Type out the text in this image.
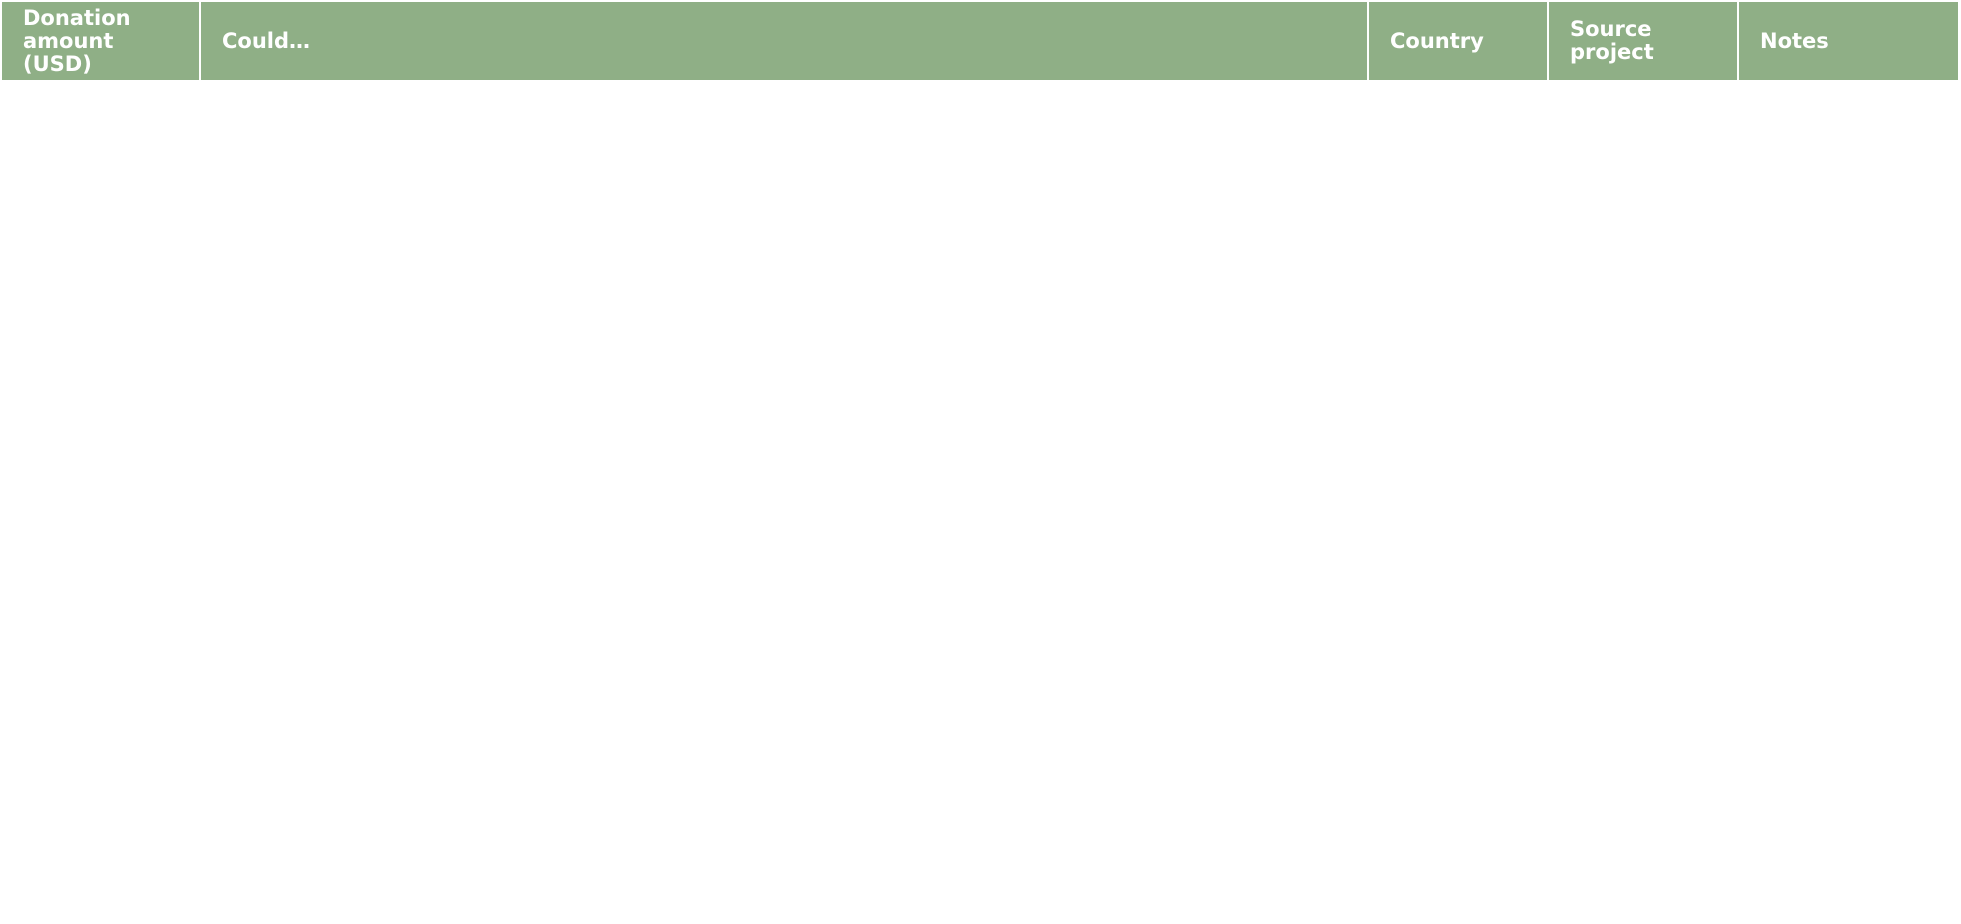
Donation amount (USD)	Could…	Country	Source project	Notes
